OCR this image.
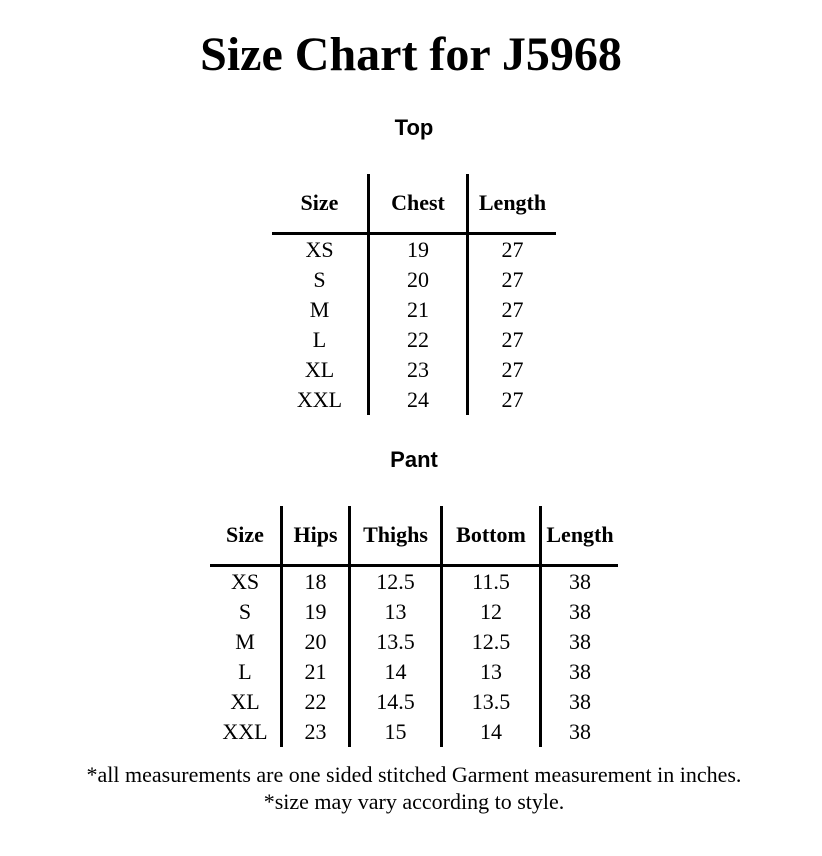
Size Chart for J5968
Top
Size	Chest	Length
XS	19	27
S	20	27
M	21	27
L	22	27
XL	23	27
XXL	24	27
Pant
Size	Hips	Thighs	Bottom	Length
XS	18	12.5	11.5	38
S	19	13	12	38
M	20	13.5	12.5	38
L	21	14	13	38
XL	22	14.5	13.5	38
XXL	23	15	14	38
*all measurements are one sided stitched Garment measurement in inches.
*size may vary according to style.
